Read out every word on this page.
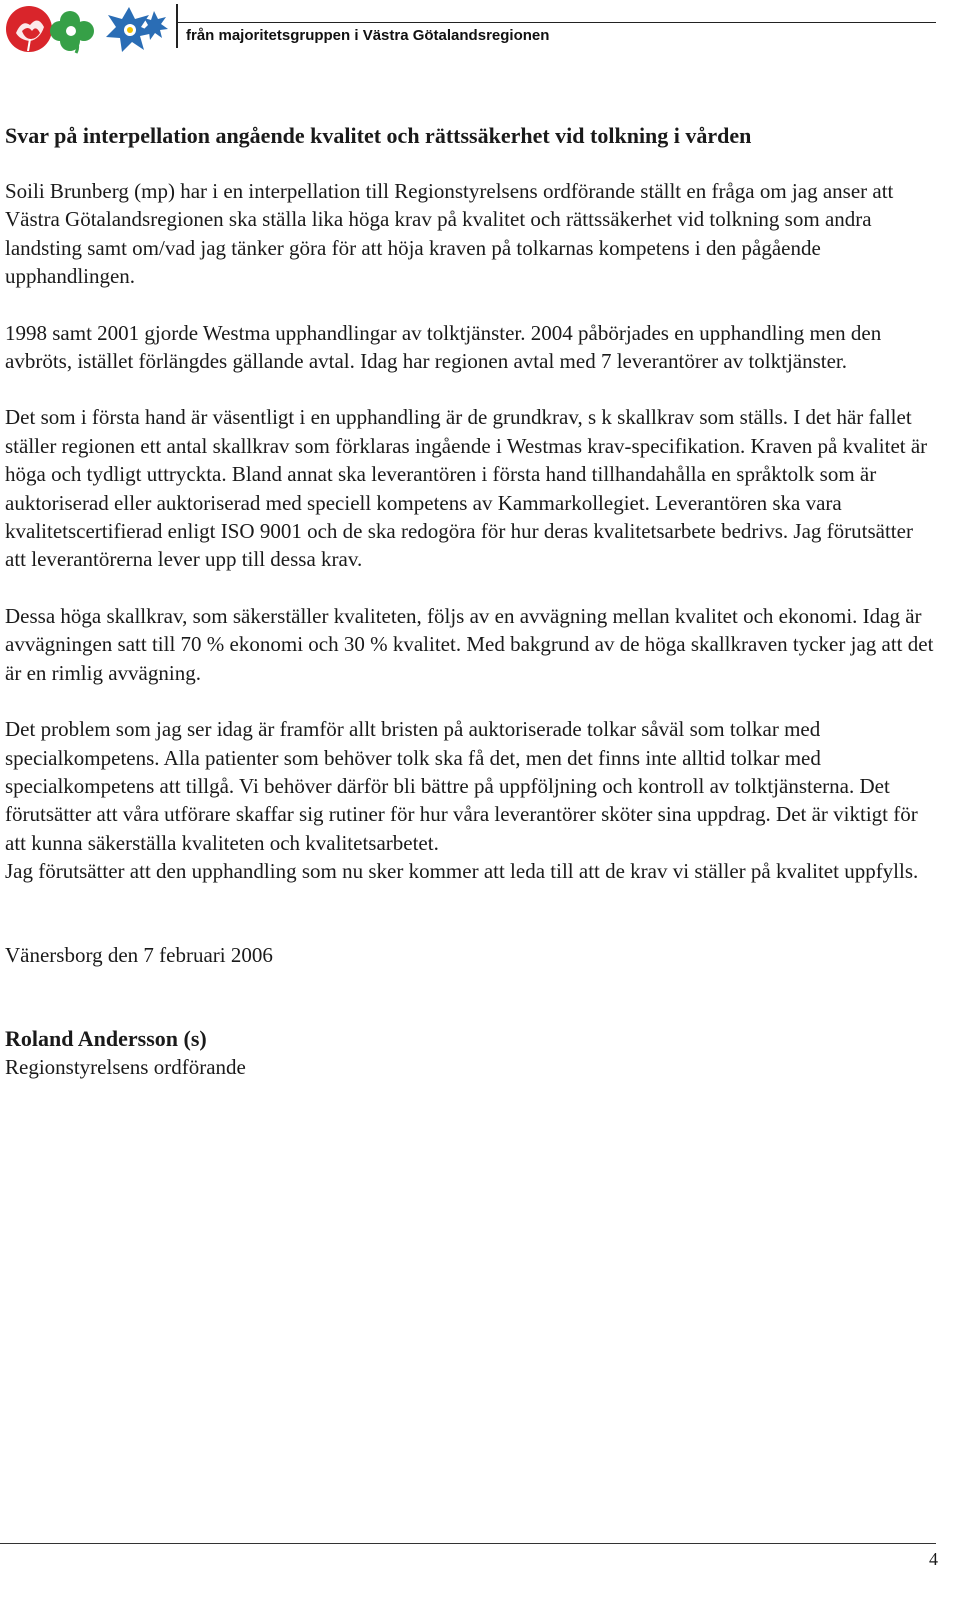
från majoritetsgruppen i Västra Götalandsregionen
Svar på interpellation angående kvalitet och rättssäkerhet vid tolkning i vården

Soili Brunberg (mp) har i en interpellation till Regionstyrelsens ordförande ställt en fråga om jag anser att Västra Götalandsregionen ska ställa lika höga krav på kvalitet och rättssäkerhet vid tolkning som andra landsting samt om/vad jag tänker göra för att höja kraven på tolkarnas kompetens i den pågående upphandlingen.

1998 samt 2001 gjorde Westma upphandlingar av tolktjänster. 2004 påbörjades en upphandling men den avbröts, istället förlängdes gällande avtal. Idag har regionen avtal med 7 leverantörer av tolktjänster.

Det som i första hand är väsentligt i en upphandling är de grundkrav, s k skallkrav som ställs. I det här fallet ställer regionen ett antal skallkrav som förklaras ingående i Westmas krav-specifikation. Kraven på kvalitet är höga och tydligt uttryckta. Bland annat ska leverantören i första hand tillhandahålla en språktolk som är auktoriserad eller auktoriserad med speciell kompetens av Kammarkollegiet. Leverantören ska vara kvalitetscertifierad enligt ISO 9001 och de ska redogöra för hur deras kvalitetsarbete bedrivs. Jag förutsätter att leverantörerna lever upp till dessa krav.

Dessa höga skallkrav, som säkerställer kvaliteten, följs av en avvägning mellan kvalitet och ekonomi. Idag är avvägningen satt till 70 % ekonomi och 30 % kvalitet. Med bakgrund av de höga skallkraven tycker jag att det är en rimlig avvägning.

Det problem som jag ser idag är framför allt bristen på auktoriserade tolkar såväl som tolkar med specialkompetens. Alla patienter som behöver tolk ska få det, men det finns inte alltid tolkar med specialkompetens att tillgå. Vi behöver därför bli bättre på uppföljning och kontroll av tolktjänsterna. Det förutsätter att våra utförare skaffar sig rutiner för hur våra leverantörer sköter sina uppdrag. Det är viktigt för att kunna säkerställa kvaliteten och kvalitetsarbetet.

Jag förutsätter att den upphandling som nu sker kommer att leda till att de krav vi ställer på kvalitet uppfylls.

Vänersborg den 7 februari 2006
Roland Andersson (s)
Regionstyrelsens ordförande
4
